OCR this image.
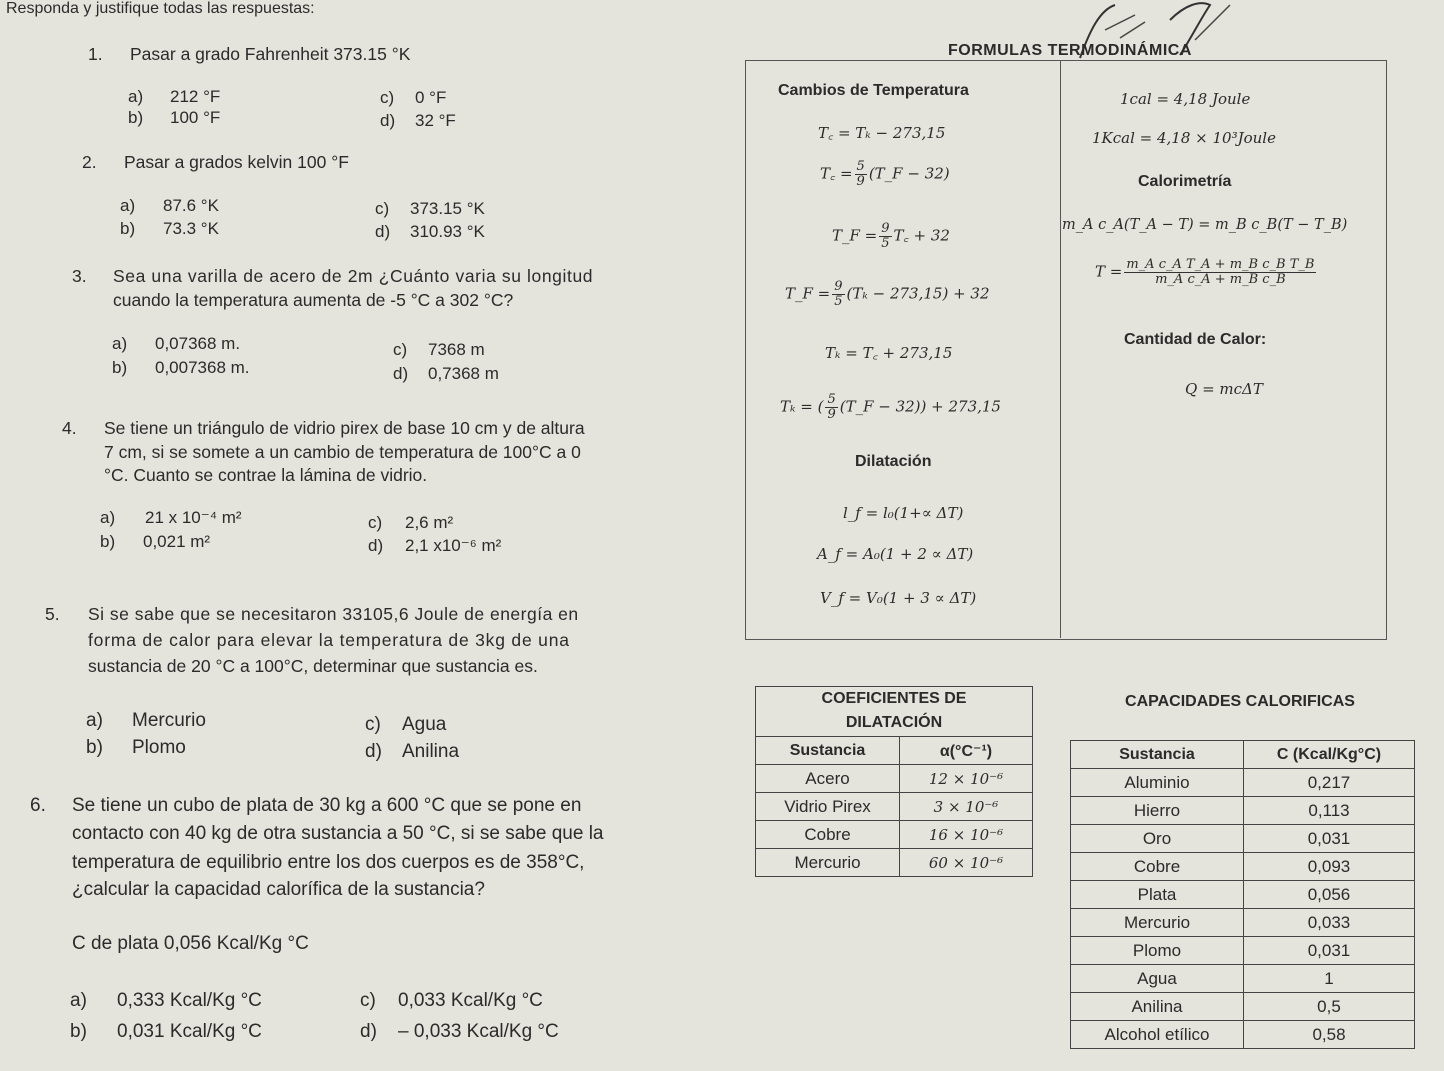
Responda y justifique todas las respuestas:
1. Pasar a grado Fahrenheit 373.15 °K
a) 212 °F
b) 100 °F
c) 0 °F
d) 32 °F
2. Pasar a grados kelvin 100 °F
a) 87.6 °K
b) 73.3 °K
c) 373.15 °K
d) 310.93 °K
3. Sea una varilla de acero de 2m ¿Cuánto varia su longitud
cuando la temperatura aumenta de -5 °C a 302 °C?
a) 0,07368 m.
b) 0,007368 m.
c) 7368 m
d) 0,7368 m
4. Se tiene un triángulo de vidrio pirex de base 10 cm y de altura
7 cm, si se somete a un cambio de temperatura de 100°C a 0
°C. Cuanto se contrae la lámina de vidrio.
a) 21 x 10⁻⁴ m²
b) 0,021 m²
c) 2,6 m²
d) 2,1 x10⁻⁶ m²
5. Si se sabe que se necesitaron 33105,6 Joule de energía en
forma de calor para elevar la temperatura de 3kg de una
sustancia de 20 °C a 100°C, determinar que sustancia es.
a) Mercurio
b) Plomo
c) Agua
d) Anilina
6. Se tiene un cubo de plata de 30 kg a 600 °C que se pone en
contacto con 40 kg de otra sustancia a 50 °C, si se sabe que la
temperatura de equilibrio entre los dos cuerpos es de 358°C,
¿calcular la capacidad calorífica de la sustancia?
C de plata 0,056 Kcal/Kg °C
a) 0,333 Kcal/Kg °C
b) 0,031 Kcal/Kg °C
c) 0,033 Kcal/Kg °C
d) – 0,033 Kcal/Kg °C
FORMULAS TERMODINÁMICA
Cambios de Temperatura
T꜀ = Tₖ − 273,15
T꜀ = $\frac{5}{9}$ (T_F − 32)
T_F = $\frac{9}{5}$ T꜀ + 32
T_F = $\frac{9}{5} (T_k - 273,15) + 32$
Tₖ = T꜀ + 273,15
Tₖ = ( $\frac{5}{9}$ (T_F − 32)) + 273,15
Dilatación
l_f = l₀(1+∝ ΔT)
A_f = A₀(1 + 2 ∝ ΔT)
V_f = V₀(1 + 3 ∝ ΔT)
1cal = 4,18 Joule
1Kcal = 4,18 × 10³Joule
Calorimetría
m_A c_A(T_A − T) = m_B c_B(T − T_B)
$T = \frac{\text{m\_A c\_A T\_A + m\_B c\_B T\_B}}{\text{m\_A c\_A + m\_B c\_B}}$
Cantidad de Calor:
Q = mcΔT
COEFICIENTES DE
DILATACIÓN
Sustancia	α(°C⁻¹)
Acero	12 × 10⁻⁶
Vidrio Pirex	3 × 10⁻⁶
Cobre	16 × 10⁻⁶
Mercurio	60 × 10⁻⁶
CAPACIDADES CALORIFICAS
Sustancia	C (Kcal/Kg°C)
Aluminio	0,217
Hierro	0,113
Oro	0,031
Cobre	0,093
Plata	0,056
Mercurio	0,033
Plomo	0,031
Agua	1
Anilina	0,5
Alcohol etílico	0,58
